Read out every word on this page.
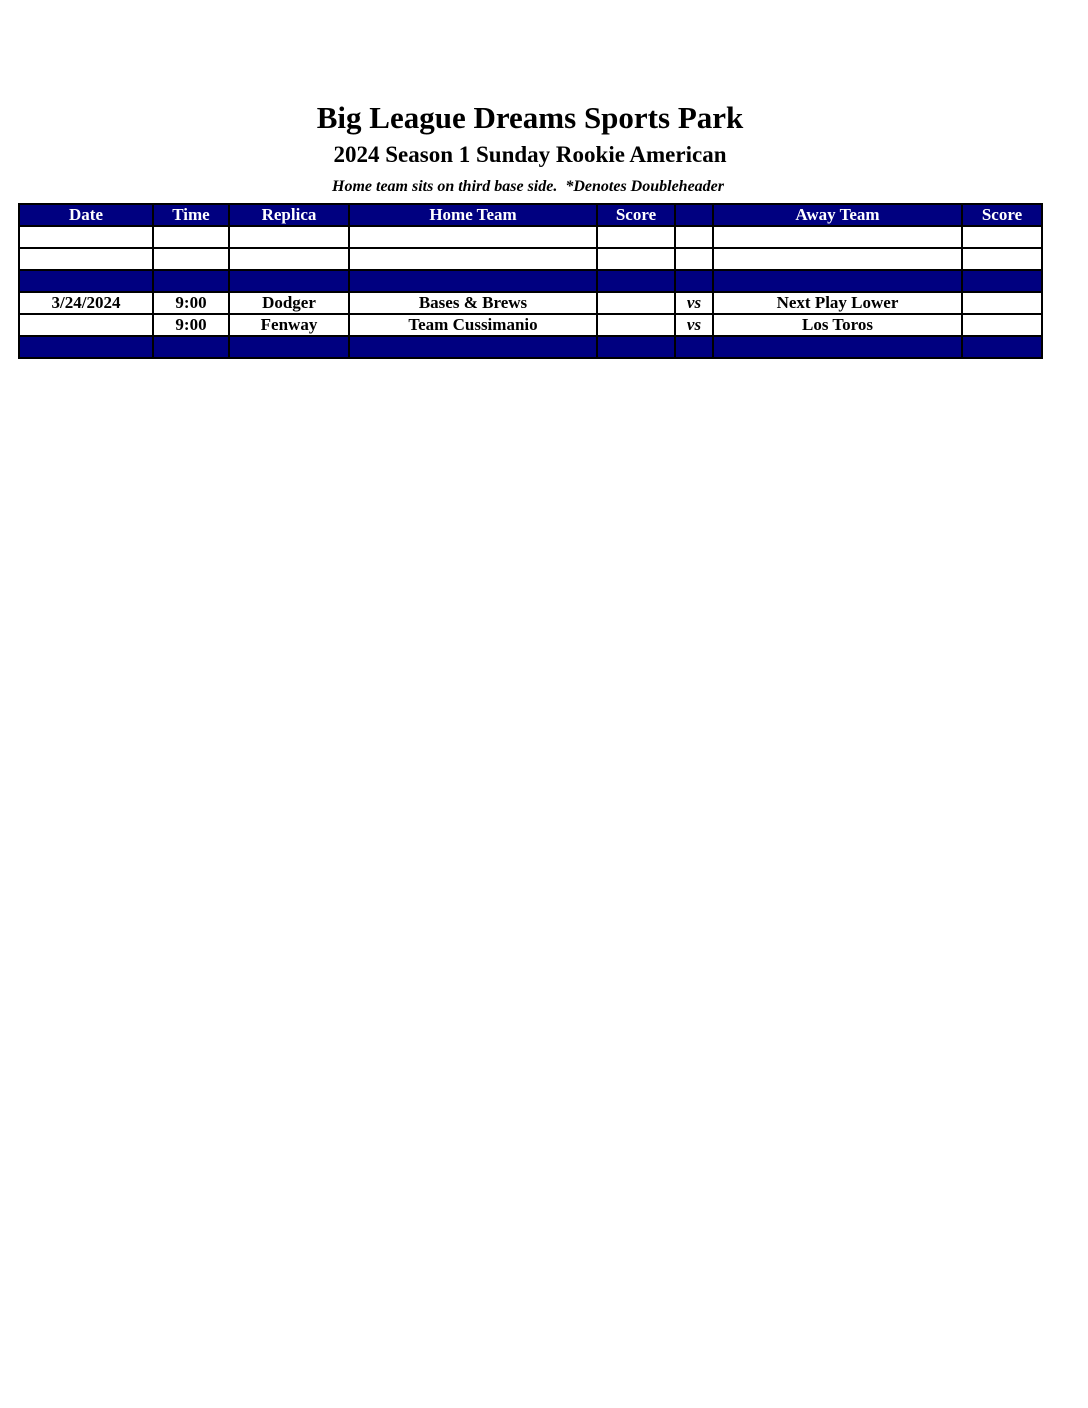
Big League Dreams Sports Park
2024 Season 1 Sunday Rookie American
Home team sits on third base side.  *Denotes Doubleheader
Date	Time	Replica	Home Team	Score		Away Team	Score

3/24/2024	9:00	Dodger	Bases & Brews		vs	Next Play Lower	
	9:00	Fenway	Team Cussimanio		vs	Los Toros	
